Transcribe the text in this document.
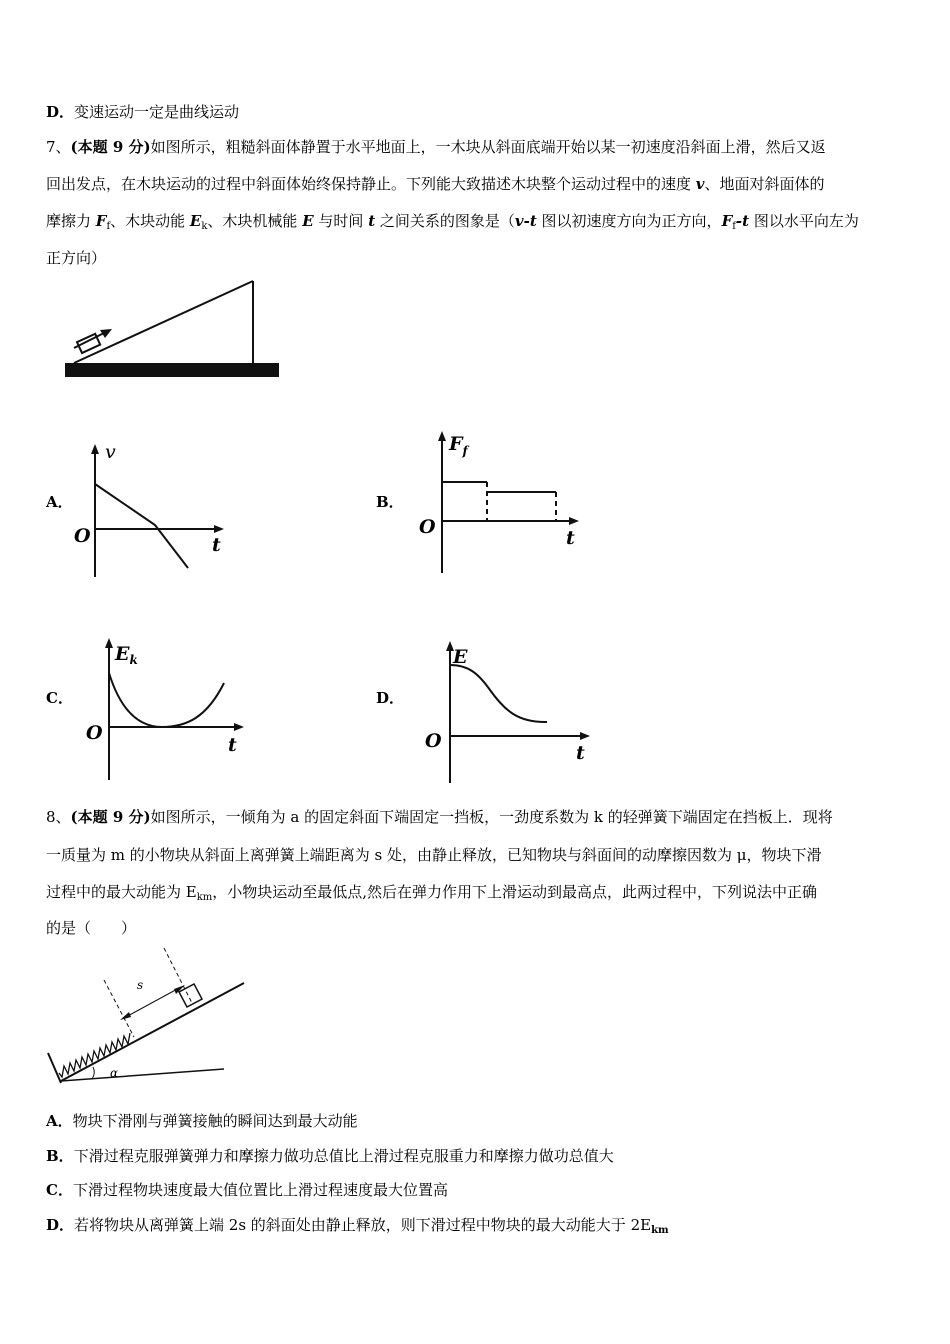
D．变速运动一定是曲线运动
7、(本题 9 分)如图所示，粗糙斜面体静置于水平地面上，一木块从斜面底端开始以某一初速度沿斜面上滑，然后又返
回出发点，在木块运动的过程中斜面体始终保持静止。下列能大致描述木块整个运动过程中的速度 v、地面对斜面体的
摩擦力 $F_f$、木块动能 $E_k$、木块机械能 E 与时间 t 之间关系的图象是（v-t 图以初速度方向为正方向，$F_f-t$ 图以水平向左为
正方向）
A．
v
t
O
B．
$F_f$
t
O
C．
$E_k$
t
O
D．
E
t
O
8、(本题 9 分)如图所示，一倾角为 a 的固定斜面下端固定一挡板，一劲度系数为 k 的轻弹簧下端固定在挡板上．现将
一质量为 m 的小物块从斜面上离弹簧上端距离为 s 处，由静止释放，已知物块与斜面间的动摩擦因数为 μ，物块下滑
过程中的最大动能为 $E_{km}$，小物块运动至最低点,然后在弹力作用下上滑运动到最高点，此两过程中，下列说法中正确
的是（　　）
s
α
A．物块下滑刚与弹簧接触的瞬间达到最大动能
B．下滑过程克服弹簧弹力和摩擦力做功总值比上滑过程克服重力和摩擦力做功总值大
C．下滑过程物块速度最大值位置比上滑过程速度最大位置高
D．若将物块从离弹簧上端 2s 的斜面处由静止释放，则下滑过程中物块的最大动能大于 $2E_{km}$
